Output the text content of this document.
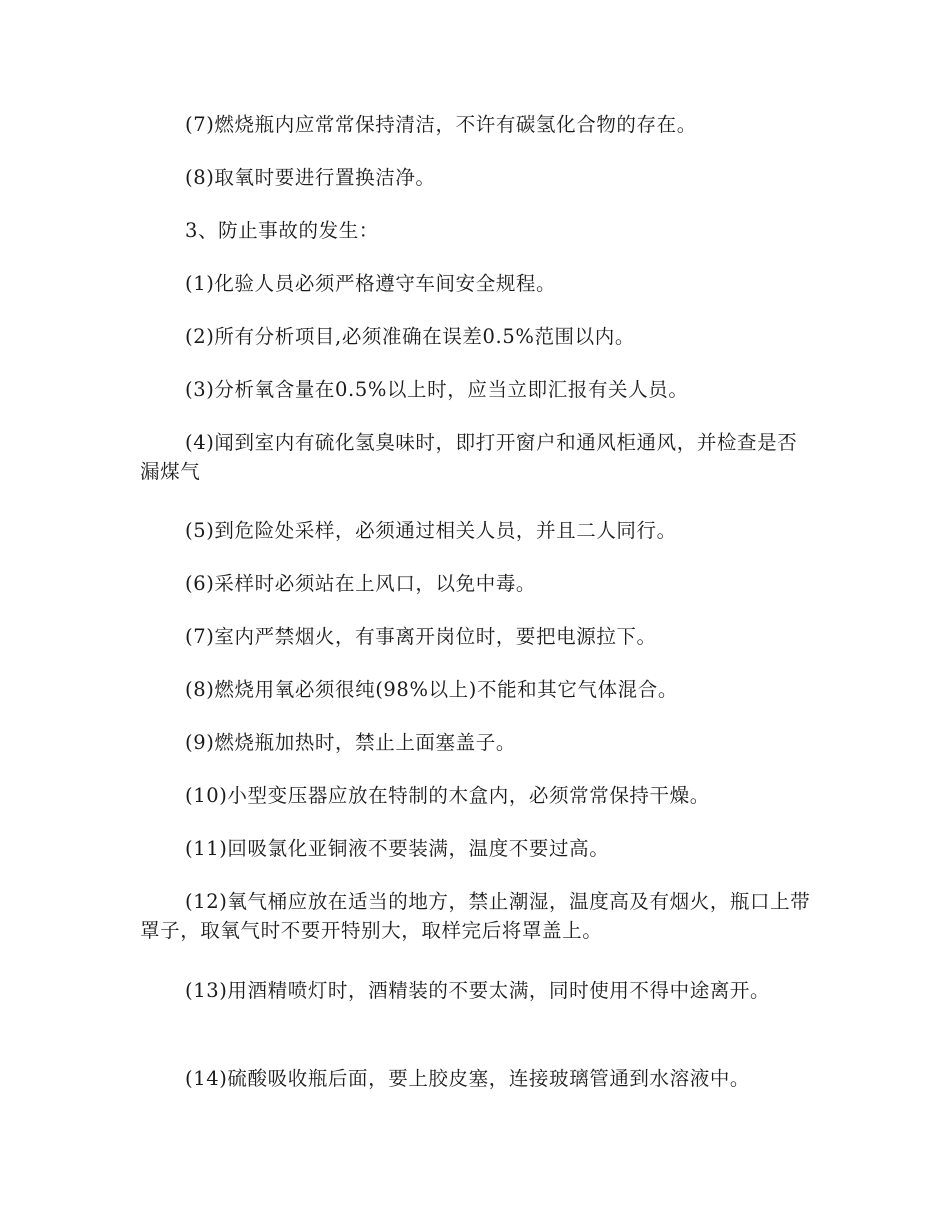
(7)燃烧瓶内应常常保持清洁，不许有碳氢化合物的存在。

(8)取氧时要进行置换洁净。

3、防止事故的发生：

(1)化验人员必须严格遵守车间安全规程。

(2)所有分析项目,必须准确在误差0.5%范围以内。

(3)分析氧含量在0.5%以上时，应当立即汇报有关人员。

(4)闻到室内有硫化氢臭味时，即打开窗户和通风柜通风，并检查是否漏煤气

(5)到危险处采样，必须通过相关人员，并且二人同行。

(6)采样时必须站在上风口，以免中毒。

(7)室内严禁烟火，有事离开岗位时，要把电源拉下。

(8)燃烧用氧必须很纯(98%以上)不能和其它气体混合。

(9)燃烧瓶加热时，禁止上面塞盖子。

(10)小型变压器应放在特制的木盒内，必须常常保持干燥。

(11)回吸氯化亚铜液不要装满，温度不要过高。

(12)氧气桶应放在适当的地方，禁止潮湿，温度高及有烟火，瓶口上带罩子，取氧气时不要开特别大，取样完后将罩盖上。

(13)用酒精喷灯时，酒精装的不要太满，同时使用不得中途离开。

(14)硫酸吸收瓶后面，要上胶皮塞，连接玻璃管通到水溶液中。
